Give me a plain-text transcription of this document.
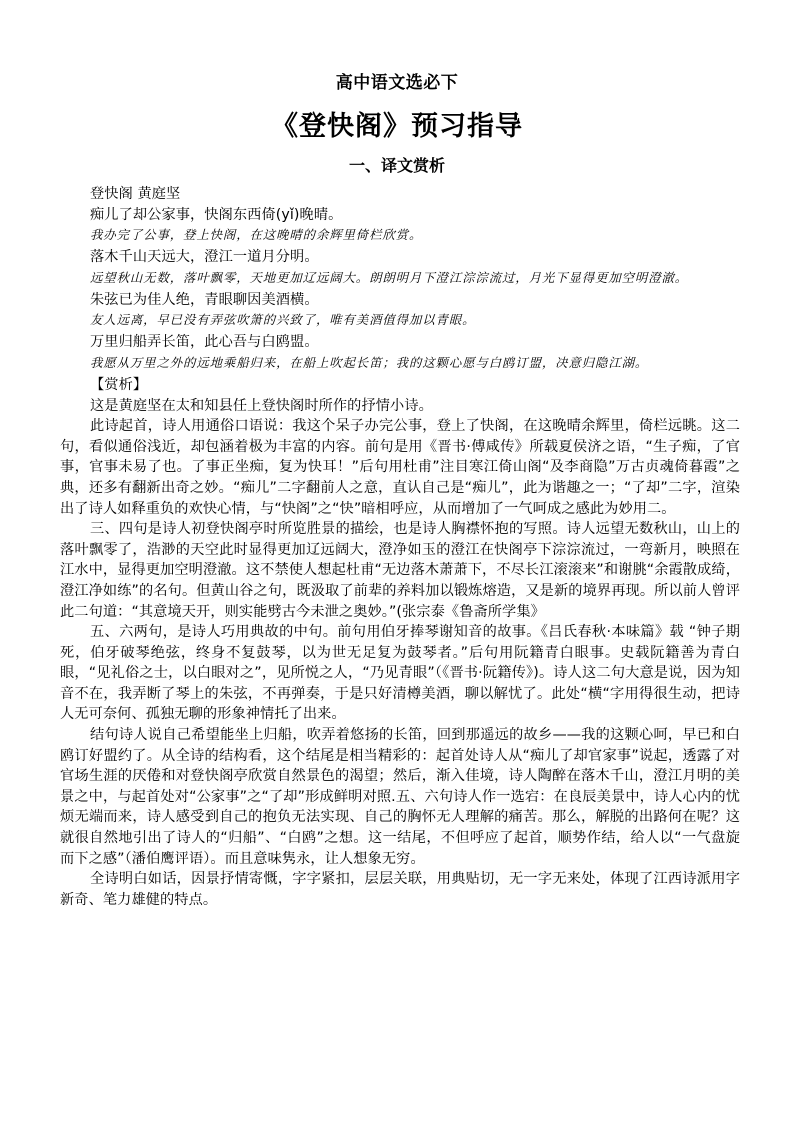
高中语文选必下
《登快阁》预习指导
一、译文赏析

登快阁 黄庭坚

痴儿了却公家事，快阁东西倚(yǐ)晚晴。

我办完了公事，登上快阁，在这晚晴的余辉里倚栏欣赏。

落木千山天远大，澄江一道月分明。

远望秋山无数，落叶飘零，天地更加辽远阔大。朗朗明月下澄江淙淙流过，月光下显得更加空明澄澈。

朱弦已为佳人绝，青眼聊因美酒横。

友人远离，早已没有弄弦吹箫的兴致了，唯有美酒值得加以青眼。

万里归船弄长笛，此心吾与白鸥盟。

我愿从万里之外的远地乘船归来，在船上吹起长笛；我的这颗心愿与白鸥订盟，决意归隐江湖。

【赏析】

这是黄庭坚在太和知县任上登快阁时所作的抒情小诗。

此诗起首，诗人用通俗口语说：我这个呆子办完公事，登上了快阁，在这晚晴余辉里，倚栏远眺。这二句，看似通俗浅近，却包涵着极为丰富的内容。前句是用《晋书·傅咸传》所载夏侯济之语，“生子痴，了官事，官事未易了也。了事正坐痴，复为快耳！”后句用杜甫”注目寒江倚山阁“及李商隐”万古贞魂倚暮霞”之典，还多有翻新出奇之妙。“痴儿”二字翻前人之意，直认自己是“痴儿”，此为谐趣之一；“了却”二字，渲染出了诗人如释重负的欢快心情，与“快阁”之“快”暗相呼应，从而增加了一气呵成之感此为妙用二。

三、四句是诗人初登快阁亭时所览胜景的描绘，也是诗人胸襟怀抱的写照。诗人远望无数秋山，山上的落叶飘零了，浩渺的天空此时显得更加辽远阔大，澄净如玉的澄江在快阁亭下淙淙流过，一弯新月，映照在江水中，显得更加空明澄澈。这不禁使人想起杜甫“无边落木萧萧下，不尽长江滚滚来”和谢朓“余霞散成绮，澄江净如练”的名句。但黄山谷之句，既汲取了前辈的养料加以锻炼熔造，又是新的境界再现。所以前人曾评此二句道：“其意境天开，则实能劈古今未泄之奥妙。”(张宗泰《鲁斋所学集》

五、六两句，是诗人巧用典故的中句。前句用伯牙捧琴谢知音的故事。《吕氏春秋·本味篇》载 “钟子期死，伯牙破琴绝弦，终身不复鼓琴，以为世无足复为鼓琴者。”后句用阮籍青白眼事。史载阮籍善为青白眼，“见礼俗之士，以白眼对之”，见所悦之人，“乃见青眼”（《晋书·阮籍传》)。诗人这二句大意是说，因为知音不在，我弄断了琴上的朱弦，不再弹奏，于是只好清樽美酒，聊以解忧了。此处“横“字用得很生动，把诗人无可奈何、孤独无聊的形象神情托了出来。

结句诗人说自己希望能坐上归船，吹弄着悠扬的长笛，回到那遥远的故乡——我的这颗心呵，早已和白鸥订好盟约了。从全诗的结构看，这个结尾是相当精彩的：起首处诗人从“痴儿了却官家事”说起，透露了对官场生涯的厌倦和对登快阁亭欣赏自然景色的渴望；然后，渐入佳境，诗人陶醉在落木千山，澄江月明的美景之中，与起首处对“公家事”之“了却”形成鲜明对照.五、六句诗人作一选宕：在良辰美景中，诗人心内的忧烦无端而来，诗人感受到自己的抱负无法实现、自己的胸怀无人理解的痛苦。那么，解脱的出路何在呢？这就很自然地引出了诗人的“归船”、“白鸥”之想。这一结尾，不但呼应了起首，顺势作结，给人以“一气盘旋而下之感”（潘伯鹰评语）。而且意味隽永，让人想象无穷。

全诗明白如话，因景抒情寄慨，字字紧扣，层层关联，用典贴切，无一字无来处，体现了江西诗派用字新奇、笔力雄健的特点。
